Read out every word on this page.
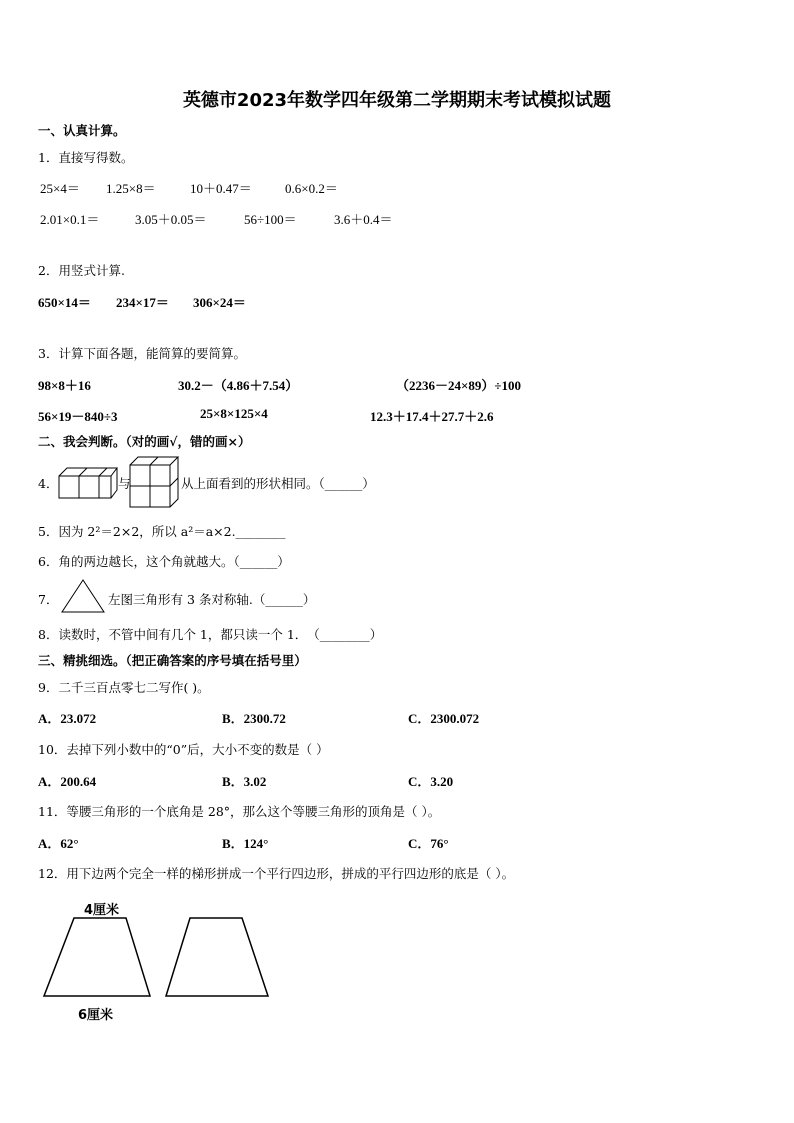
英德市2023年数学四年级第二学期期末考试模拟试题
一、认真计算。
1．直接写得数。
25×4＝ 1.25×8＝	10＋0.47＝	0.6×0.2＝
2.01×0.1＝	3.05＋0.05＝	56÷100＝	3.6＋0.4＝
2．用竖式计算.
650×14＝ 234×17＝ 306×24＝
3．计算下面各题，能简算的要简算。
98×8＋16	30.2－（4.86＋7.54）	（2236－24×89）÷100
56×19－840÷3	25×8×125×4	12.3＋17.4＋27.7＋2.6
二、我会判断。（对的画√，错的画×）
4．	与	从上面看到的形状相同。（______）
5．因为 2²＝2×2，所以 a²＝a×2.________
6．角的两边越长，这个角就越大。（______）
7．	左图三角形有 3 条对称轴.（______）
8．读数时，不管中间有几个 1，都只读一个 1．　（________）
三、精挑细选。（把正确答案的序号填在括号里）
9．二千三百点零七二写作( )。
A．23.072	B．2300.72	C．2300.072
10．去掉下列小数中的“0”后，大小不变的数是（ ）
A．200.64	B．3.02	C．3.20
11．等腰三角形的一个底角是 28°，那么这个等腰三角形的顶角是（ ）。
A．62°	B．124°	C．76°
12．用下边两个完全一样的梯形拼成一个平行四边形，拼成的平行四边形的底是（ ）。
4厘米
6厘米
